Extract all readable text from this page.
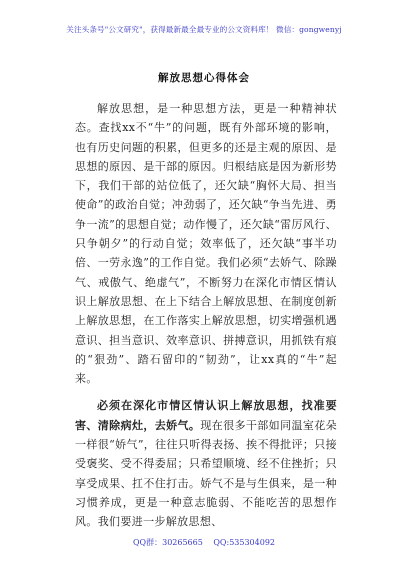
关注头条号"公文研究"，获得最新最全最专业的公文资料库！ 微信：gongwenyj
解放思想心得体会

解放思想，是一种思想方法，更是一种精神状态。查找xx不“牛”的问题，既有外部环境的影响，也有历史问题的积累，但更多的还是主观的原因、是思想的原因、是干部的原因。归根结底是因为新形势下，我们干部的站位低了，还欠缺“胸怀大局、担当使命”的政治自觉；冲劲弱了，还欠缺“争当先进、勇争一流”的思想自觉；动作慢了，还欠缺“雷厉风行、只争朝夕”的行动自觉；效率低了，还欠缺“事半功倍、一劳永逸”的工作自觉。我们必须“去娇气、除躁气、戒傲气、绝虚气”，不断努力在深化市情区情认识上解放思想、在上下结合上解放思想、在制度创新上解放思想，在工作落实上解放思想，切实增强机遇意识、担当意识、效率意识、拼搏意识，用抓铁有痕的“狠劲”、踏石留印的“韧劲”，让xx真的“牛”起来。

必须在深化市情区情认识上解放思想，找准要害、清除病灶，去娇气。现在很多干部如同温室花朵一样很“娇气”，往往只听得表扬、挨不得批评；只接受褒奖、受不得委屈；只希望顺境、经不住挫折；只享受成果、扛不住打击。娇气不是与生俱来，是一种习惯养成，更是一种意志脆弱、不能吃苦的思想作风。我们要进一步解放思想、

QQ群：30265665 QQ:535304092
